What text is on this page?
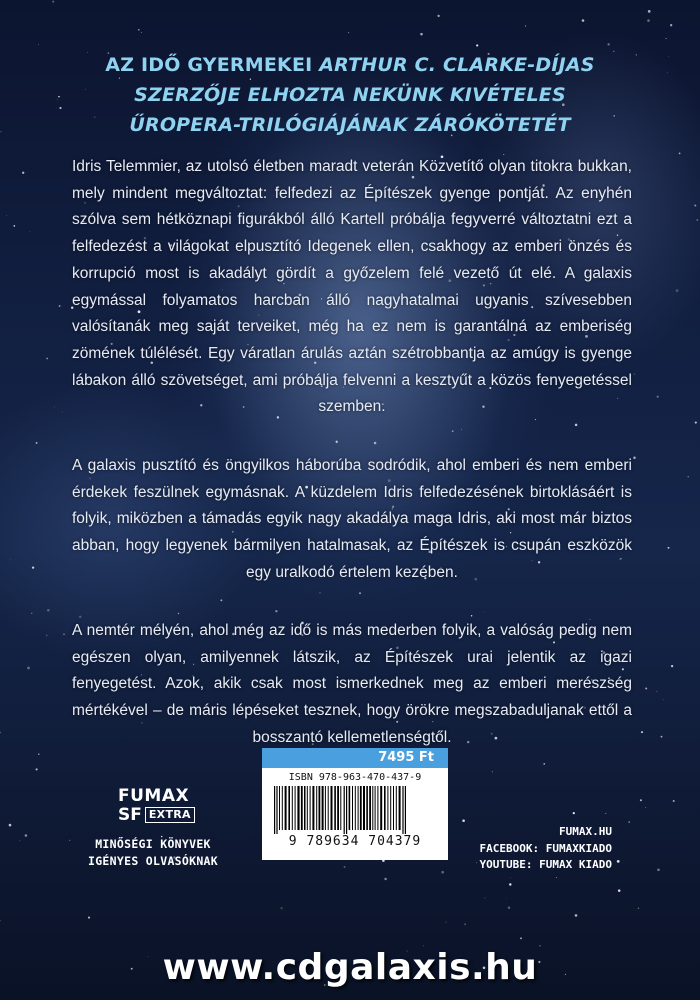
AZ IDŐ GYERMEKEI ARTHUR C. CLARKE-DÍJAS
SZERZŐJE ELHOZTA NEKÜNK KIVÉTELES
ŰROPERA-TRILÓGIÁJÁNAK ZÁRÓKÖTETÉT

Idris Telemmier, az utolsó életben maradt veterán Közvetítő olyan titokra bukkan, mely mindent megváltoztat: felfedezi az Építészek gyenge pontját. Az enyhén szólva sem hétköznapi figurákból álló Kartell próbálja fegyverré változtatni ezt a felfedezést a világokat elpusztító Idegenek ellen, csakhogy az emberi önzés és korrupció most is akadályt gördít a győzelem felé vezető út elé. A galaxis egymással folyamatos harcban álló nagyhatalmai ugyanis szívesebben valósítanák meg saját terveiket, még ha ez nem is garantálná az emberiség zömének túlélését. Egy váratlan árulás aztán szétrobbantja az amúgy is gyenge lábakon álló szövetséget, ami próbálja felvenni a kesztyűt a közös fenyegetéssel szemben.

A galaxis pusztító és öngyilkos háborúba sodródik, ahol emberi és nem emberi érdekek feszülnek egymásnak. A küzdelem Idris felfedezésének birtoklásáért is folyik, miközben a támadás egyik nagy akadálya maga Idris, aki most már biztos abban, hogy legyenek bármilyen hatalmasak, az Építészek is csupán eszközök egy uralkodó értelem kezében.

A nemtér mélyén, ahol még az idő is más mederben folyik, a valóság pedig nem egészen olyan, amilyennek látszik, az Építészek urai jelentik az igazi fenyegetést. Azok, akik csak most ismerkednek meg az emberi merészség mértékével – de máris lépéseket tesznek, hogy örökre megszabaduljanak ettől a bosszantó kellemetlenségtől.

FUMAX
SF EXTRA
MINŐSÉGI KÖNYVEK
IGÉNYES OLVASÓKNAK
7495 Ft
ISBN 978-963-470-437-9
9 789634 704379
FUMAX.HU
FACEBOOK: FUMAXKIADO
YOUTUBE: FUMAX KIADO
www.cdgalaxis.hu
